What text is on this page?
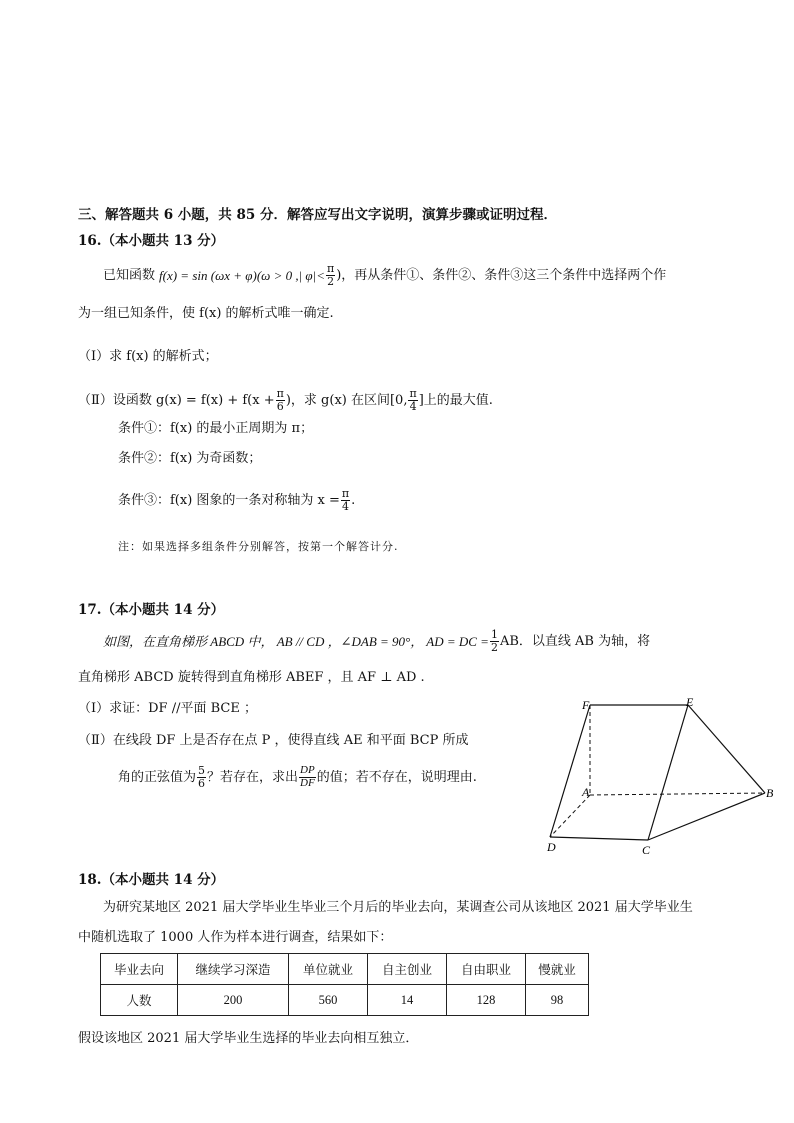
三、解答题共 6 小题，共 85 分．解答应写出文字说明，演算步骤或证明过程．
16.（本小题共 13 分）
已知函数 f(x) = sin (ωx + φ)(ω > 0 ,| $\varphi|< \frac{\pi}{2}$ )，再从条件①、条件②、条件③这三个条件中选择两个作
为一组已知条件，使 f(x) 的解析式唯一确定.
（Ⅰ）求 f(x) 的解析式；
（Ⅱ）设函数 $g(x) = f(x) + f(x + \frac{\pi}{6}$ )，求 g(x) 在区间[0, $\frac{\pi}{4}$ ]上的最大值.
条件①：f(x) 的最小正周期为 π；
条件②：f(x) 为奇函数；
条件③：f(x) 图象的一条对称轴为 $x = \frac{\pi}{4}$ .
注：如果选择多组条件分别解答，按第一个解答计分.
17.（本小题共 14 分）
如图，在直角梯形 ABCD 中， AB // CD ，∠DAB = 90°， AD = DC = $\frac{1}{2}$ AB．以直线 AB 为轴，将
直角梯形 ABCD 旋转得到直角梯形 ABEF ，且 AF ⊥ AD .
（Ⅰ）求证：DF //平面 BCE ；
（Ⅱ）在线段 DF 上是否存在点 P ，使得直线 AE 和平面 BCP 所成
角的正弦值为 $\frac{5}{6}$ ？若存在，求出 $\frac{DP}{DF}$ 的值；若不存在，说明理由.
F	E
A	B
D	C
18.（本小题共 14 分）
为研究某地区 2021 届大学毕业生毕业三个月后的毕业去向，某调查公司从该地区 2021 届大学毕业生
中随机选取了 1000 人作为样本进行调查，结果如下：
毕业去向	继续学习深造	单位就业	自主创业	自由职业	慢就业
人数	200	560	14	128	98
假设该地区 2021 届大学毕业生选择的毕业去向相互独立．
